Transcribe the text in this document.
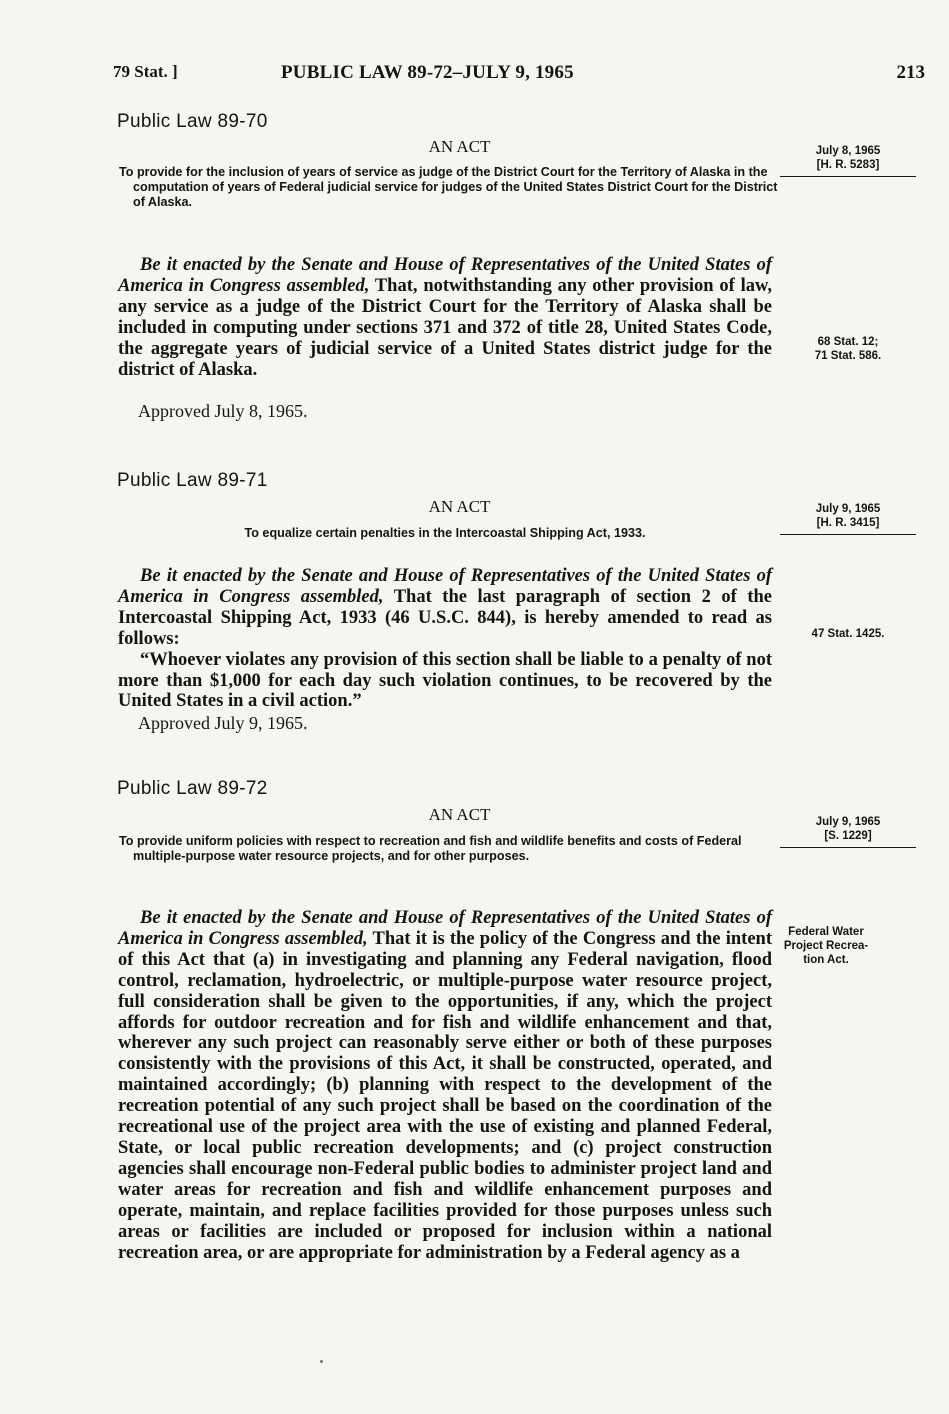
79 Stat. ]	PUBLIC LAW 89-72–JULY 9, 1965	213
Public Law 89-70
AN ACT
To provide for the inclusion of years of service as judge of the District Court for the Territory of Alaska in the computation of years of Federal judicial service for judges of the United States District Court for the District of Alaska.
July 8, 1965
[H. R. 5283]

Be it enacted by the Senate and House of Representatives of the United States of America in Congress assembled, That, notwithstanding any other provision of law, any service as a judge of the District Court for the Territory of Alaska shall be included in computing under sections 371 and 372 of title 28, United States Code, the aggregate years of judicial service of a United States district judge for the district of Alaska.

68 Stat. 12;
71 Stat. 586.
Approved July 8, 1965.
Public Law 89-71
AN ACT
To equalize certain penalties in the Intercoastal Shipping Act, 1933.
July 9, 1965
[H. R. 3415]

Be it enacted by the Senate and House of Representatives of the United States of America in Congress assembled, That the last paragraph of section 2 of the Intercoastal Shipping Act, 1933 (46 U.S.C. 844), is hereby amended to read as follows:

“Whoever violates any provision of this section shall be liable to a penalty of not more than $1,000 for each day such violation continues, to be recovered by the United States in a civil action.”

47 Stat. 1425.
Approved July 9, 1965.
Public Law 89-72
AN ACT
To provide uniform policies with respect to recreation and fish and wildlife benefits and costs of Federal multiple-purpose water resource projects, and for other purposes.
July 9, 1965
[S. 1229]

Be it enacted by the Senate and House of Representatives of the United States of America in Congress assembled, That it is the policy of the Congress and the intent of this Act that (a) in investigating and planning any Federal navigation, flood control, reclamation, hydroelectric, or multiple-purpose water resource project, full consideration shall be given to the opportunities, if any, which the project affords for outdoor recreation and for fish and wildlife enhancement and that, wherever any such project can reasonably serve either or both of these purposes consistently with the provisions of this Act, it shall be constructed, operated, and maintained accordingly; (b) planning with respect to the development of the recreation potential of any such project shall be based on the coordination of the recreational use of the project area with the use of existing and planned Federal, State, or local public recreation developments; and (c) project construction agencies shall encourage non-Federal public bodies to administer project land and water areas for recreation and fish and wildlife enhancement purposes and operate, maintain, and replace facilities provided for those purposes unless such areas or facilities are included or proposed for inclusion within a national recreation area, or are appropriate for administration by a Federal agency as a

Federal Water
Project Recrea-
tion Act.
